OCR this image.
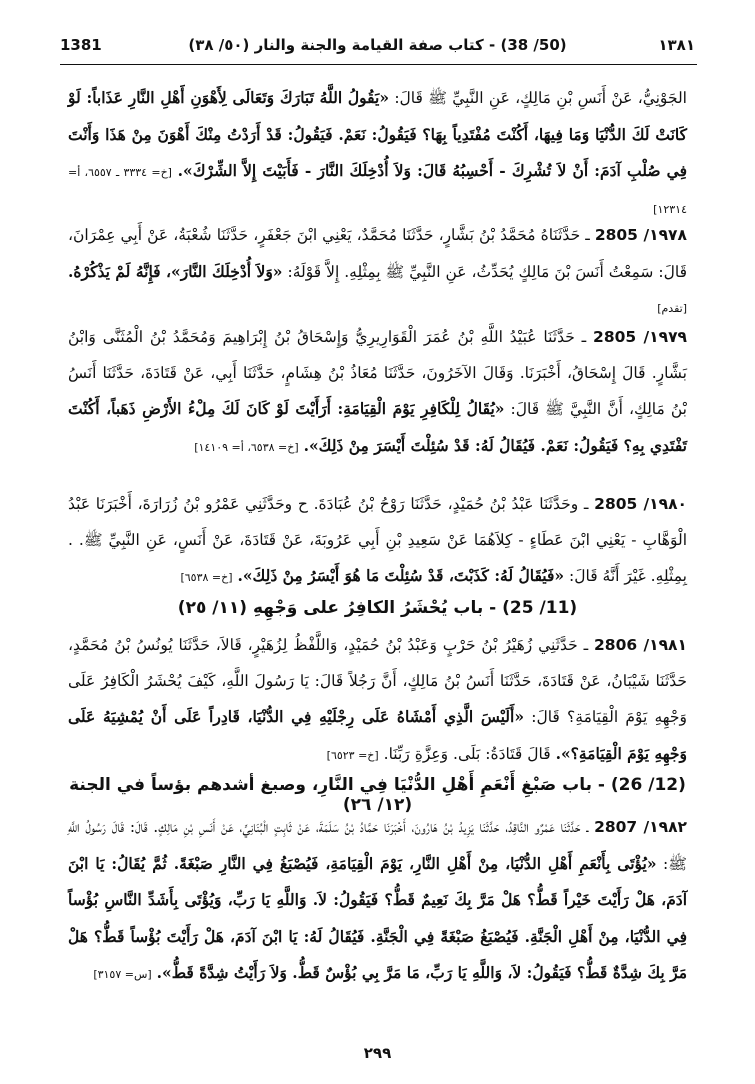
1381	(50/ 38) - كتاب صفة القيامة والجنة والنار (٥٠/ ٣٨)	١٣٨١

الجَوْنِيُّ، عَنْ أَنَسِ بْنِ مَالِكٍ، عَنِ النَّبِيِّ ﷺ قَالَ: «يَقُولُ اللَّهُ تَبَارَكَ وَتَعَالَى لِأَهْوَنِ أَهْلِ النَّارِ عَذَاباً: لَوْ كَانَتْ لَكَ الدُّنْيَا وَمَا فِيهَا، أَكُنْتَ مُفْتَدِياً بِهَا؟ فَيَقُولُ: نَعَمْ. فَيَقُولُ: قَدْ أَرَدْتُ مِنْكَ أَهْوَنَ مِنْ هَذَا وَأَنْتَ فِي صُلْبِ آدَمَ: أَنْ لاَ تُشْرِكَ - أَحْسِبُهُ قَالَ: وَلاَ أُدْخِلَكَ النَّارَ - فَأَبَيْتَ إِلاَّ الشِّرْكَ». [خ= ٣٣٣٤ ـ ٦٥٥٧، أ= ١٢٣١٤]

١٩٧٨/ 2805 ـ حَدَّثَنَاهُ مُحَمَّدُ بْنُ بَشَّارٍ، حَدَّثَنَا مُحَمَّدٌ، يَعْنِي ابْنَ جَعْفَرٍ، حَدَّثَنَا شُعْبَةُ، عَنْ أَبِي عِمْرَانَ، قَالَ: سَمِعْتُ أَنَسَ بْنَ مَالِكٍ يُحَدِّثُ، عَنِ النَّبِيِّ ﷺ بِمِثْلِهِ. إِلاَّ قَوْلَهُ: «وَلاَ أُدْخِلَكَ النَّارَ»، فَإِنَّهُ لَمْ يَذْكُرْهُ. [تقدم]

١٩٧٩/ 2805 ـ حَدَّثَنَا عُبَيْدُ اللَّهِ بْنُ عُمَرَ الْقَوَارِيرِيُّ وَإِسْحَاقُ بْنُ إِبْرَاهِيمَ وَمُحَمَّدُ بْنُ الْمُثَنَّى وَابْنُ بَشَّارٍ. قَالَ إِسْحَاقُ، أَخْبَرَنَا. وَقَالَ الآخَرُونَ، حَدَّثَنَا مُعَاذُ بْنُ هِشَامٍ، حَدَّثَنَا أَبِي، عَنْ قَتَادَةَ، حَدَّثَنَا أَنَسُ بْنُ مَالِكٍ، أَنَّ النَّبِيَّ ﷺ قَالَ: «يُقَالُ لِلْكَافِرِ يَوْمَ الْقِيَامَةِ: أَرَأَيْتَ لَوْ كَانَ لَكَ مِلْءُ الأَرْضِ ذَهَباً، أَكُنْتَ تَفْتَدِي بِهِ؟ فَيَقُولُ: نَعَمْ. فَيُقَالُ لَهُ: قَدْ سُئِلْتَ أَيْسَرَ مِنْ ذَلِكَ». [خ= ٦٥٣٨، أ= ١٤١٠٩]

١٩٨٠/ 2805 ـ وحَدَّثَنَا عَبْدُ بْنُ حُمَيْدٍ، حَدَّثَنَا رَوْحُ بْنُ عُبَادَةَ. ح وحَدَّثَنِي عَمْرُو بْنُ زُرَارَةَ، أَخْبَرَنَا عَبْدُ الْوَهَّابِ - يَعْنِي ابْنَ عَطَاءٍ - كِلاَهُمَا عَنْ سَعِيدِ بْنِ أَبِي عَرُوبَةَ، عَنْ قَتَادَةَ، عَنْ أَنَسٍ، عَنِ النَّبِيِّ ﷺ. . بِمِثْلِهِ. غَيْرَ أَنَّهُ قَالَ: «فَيُقَالُ لَهُ: كَذَبْتَ، قَدْ سُئِلْتَ مَا هُوَ أَيْسَرُ مِنْ ذَلِكَ». [خ= ٦٥٣٨]

(11/ 25) - باب يُحْشَرُ الكافِرُ على وَجْهِهِ (١١/ ٢٥)

١٩٨١/ 2806 ـ حَدَّثَنِي زُهَيْرُ بْنُ حَرْبٍ وَعَبْدُ بْنُ حُمَيْدٍ، وَاللَّفْظُ لِزُهَيْرٍ، قَالاَ، حَدَّثَنَا يُونُسُ بْنُ مُحَمَّدٍ، حَدَّثَنَا شَيْبَانُ، عَنْ قَتَادَةَ، حَدَّثَنَا أَنَسُ بْنُ مَالِكٍ، أَنَّ رَجُلاً قَالَ: يَا رَسُولَ اللَّهِ، كَيْفَ يُحْشَرُ الْكَافِرُ عَلَى وَجْهِهِ يَوْمَ الْقِيَامَةِ؟ قَالَ: «أَلَيْسَ الَّذِي أَمْشَاهُ عَلَى رِجْلَيْهِ فِي الدُّنْيَا، قَادِراً عَلَى أَنْ يُمْشِيَهُ عَلَى وَجْهِهِ يَوْمَ الْقِيَامَةِ؟». قَالَ قَتَادَةُ: بَلَى. وَعِزَّةِ رَبِّنَا. [خ= ٦٥٢٣]

(12/ 26) - باب صَبْغِ أَنْعَمِ أَهْلِ الدُّنْيَا فِي النَّارِ، وصبغ أشدهم بؤساً في الجنة (١٢/ ٢٦)

١٩٨٢/ 2807 ـ حَدَّثَنَا عَمْرٌو النَّاقِدُ، حَدَّثَنَا يَزِيدُ بْنُ هَارُونَ، أَخْبَرَنَا حَمَّادُ بْنُ سَلَمَةَ، عَنْ ثَابِتٍ الْبُنَانِيِّ، عَنْ أَنَسِ بْنِ مَالِكٍ. قَالَ: قَالَ رَسُولُ اللَّهِ ﷺ: «يُؤْتَى بِأَنْعَمِ أَهْلِ الدُّنْيَا، مِنْ أَهْلِ النَّارِ، يَوْمَ الْقِيَامَةِ، فَيُصْبَغُ فِي النَّارِ صَبْغَةً. ثُمَّ يُقَالُ: يَا ابْنَ آدَمَ، هَلْ رَأَيْتَ خَيْراً قَطُّ؟ هَلْ مَرَّ بِكَ نَعِيمٌ قَطُّ؟ فَيَقُولُ: لاَ. وَاللَّهِ يَا رَبِّ، وَيُؤْتَى بِأَشَدِّ النَّاسِ بُؤْساً فِي الدُّنْيَا، مِنْ أَهْلِ الْجَنَّةِ. فَيُصْبَغُ صَبْغَةً فِي الْجَنَّةِ. فَيُقَالُ لَهُ: يَا ابْنَ آدَمَ، هَلْ رَأَيْتَ بُؤْساً قَطُّ؟ هَلْ مَرَّ بِكَ شِدَّةٌ قَطُّ؟ فَيَقُولُ: لاَ، وَاللَّهِ يَا رَبِّ، مَا مَرَّ بِي بُؤْسٌ قَطُّ. وَلاَ رَأَيْتُ شِدَّةً قَطُّ». [س= ٣١٥٧]

٢٩٩
